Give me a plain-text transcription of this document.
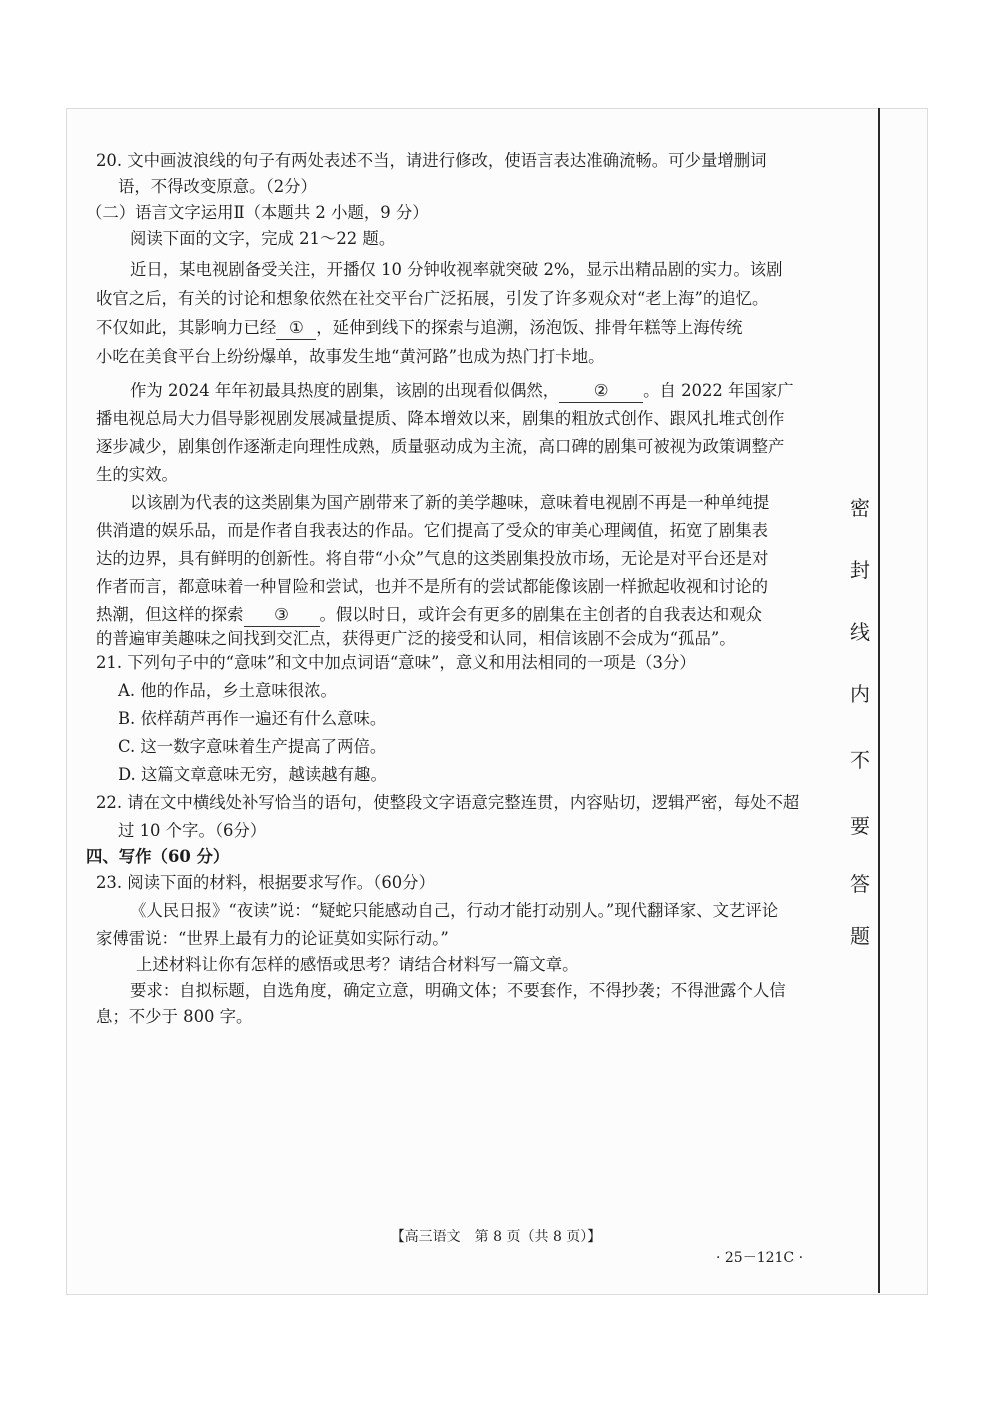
密
封
线
内
不
要
答
题
20. 文中画波浪线的句子有两处表述不当，请进行修改，使语言表达准确流畅。可少量增删词
语，不得改变原意。（2分）
（二）语言文字运用Ⅱ（本题共 2 小题，9 分）
阅读下面的文字，完成 21～22 题。
近日，某电视剧备受关注，开播仅 10 分钟收视率就突破 2%，显示出精品剧的实力。该剧
收官之后，有关的讨论和想象依然在社交平台广泛拓展，引发了许多观众对“老上海”的追忆。
不仅如此，其影响力已经 ① ，延伸到线下的探索与追溯，汤泡饭、排骨年糕等上海传统
小吃在美食平台上纷纷爆单，故事发生地“黄河路”也成为热门打卡地。
作为 2024 年年初最具热度的剧集，该剧的出现看似偶然， ② 。自 2022 年国家广
播电视总局大力倡导影视剧发展减量提质、降本增效以来，剧集的粗放式创作、跟风扎堆式创作
逐步减少，剧集创作逐渐走向理性成熟，质量驱动成为主流，高口碑的剧集可被视为政策调整产
生的实效。
以该剧为代表的这类剧集为国产剧带来了新的美学趣味，意味着电视剧不再是一种单纯提
供消遣的娱乐品，而是作者自我表达的作品。它们提高了受众的审美心理阈值，拓宽了剧集表
达的边界，具有鲜明的创新性。将自带“小众”气息的这类剧集投放市场，无论是对平台还是对
作者而言，都意味着一种冒险和尝试，也并不是所有的尝试都能像该剧一样掀起收视和讨论的
热潮，但这样的探索 ③ 。假以时日，或许会有更多的剧集在主创者的自我表达和观众
的普遍审美趣味之间找到交汇点，获得更广泛的接受和认同，相信该剧不会成为“孤品”。
21. 下列句子中的“意味”和文中加点词语“意味”，意义和用法相同的一项是（3分）
A. 他的作品，乡土意味很浓。
B. 依样葫芦再作一遍还有什么意味。
C. 这一数字意味着生产提高了两倍。
D. 这篇文章意味无穷，越读越有趣。
22. 请在文中横线处补写恰当的语句，使整段文字语意完整连贯，内容贴切，逻辑严密，每处不超
过 10 个字。（6分）
四、写作（60 分）
23. 阅读下面的材料，根据要求写作。（60分）
《人民日报》“夜读”说：“疑蛇只能感动自己，行动才能打动别人。”现代翻译家、文艺评论
家傅雷说：“世界上最有力的论证莫如实际行动。”
上述材料让你有怎样的感悟或思考？请结合材料写一篇文章。
要求：自拟标题，自选角度，确定立意，明确文体；不要套作，不得抄袭；不得泄露个人信
息；不少于 800 字。
【高三语文　第 8 页（共 8 页）】
· 25－121C ·
